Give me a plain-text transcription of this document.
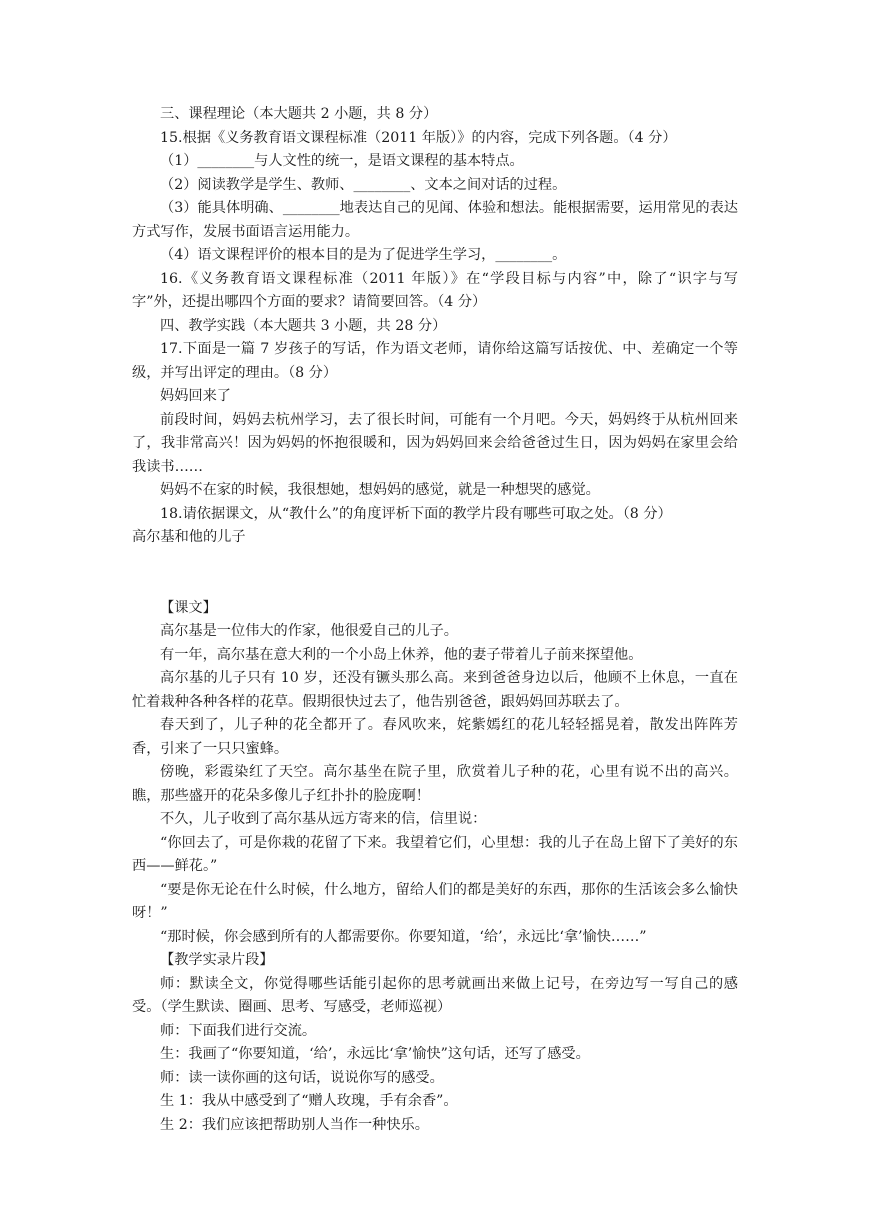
三、课程理论（本大题共 2 小题，共 8 分）

15.根据《义务教育语文课程标准（2011 年版）》的内容，完成下列各题。（4 分）

（1）________与人文性的统一，是语文课程的基本特点。

（2）阅读教学是学生、教师、________、文本之间对话的过程。

（3）能具体明确、________地表达自己的见闻、体验和想法。能根据需要，运用常见的表达方式写作，发展书面语言运用能力。

（4）语文课程评价的根本目的是为了促进学生学习，________。

16.《义务教育语文课程标准（2011 年版）》在“学段目标与内容”中，除了“识字与写字”外，还提出哪四个方面的要求？请简要回答。（4 分）

四、教学实践（本大题共 3 小题，共 28 分）

17.下面是一篇 7 岁孩子的写话，作为语文老师，请你给这篇写话按优、中、差确定一个等级，并写出评定的理由。（8 分）

妈妈回来了

前段时间，妈妈去杭州学习，去了很长时间，可能有一个月吧。今天，妈妈终于从杭州回来了，我非常高兴！因为妈妈的怀抱很暖和，因为妈妈回来会给爸爸过生日，因为妈妈在家里会给我读书……

妈妈不在家的时候，我很想她，想妈妈的感觉，就是一种想哭的感觉。

18.请依据课文，从“教什么”的角度评析下面的教学片段有哪些可取之处。（8 分）

高尔基和他的儿子

【课文】

高尔基是一位伟大的作家，他很爱自己的儿子。

有一年，高尔基在意大利的一个小岛上休养，他的妻子带着儿子前来探望他。

高尔基的儿子只有 10 岁，还没有镢头那么高。来到爸爸身边以后，他顾不上休息，一直在忙着栽种各种各样的花草。假期很快过去了，他告别爸爸，跟妈妈回苏联去了。

春天到了，儿子种的花全都开了。春风吹来，姹紫嫣红的花儿轻轻摇晃着，散发出阵阵芳香，引来了一只只蜜蜂。

傍晚，彩霞染红了天空。高尔基坐在院子里，欣赏着儿子种的花，心里有说不出的高兴。瞧，那些盛开的花朵多像儿子红扑扑的脸庞啊！

不久，儿子收到了高尔基从远方寄来的信，信里说：

“你回去了，可是你栽的花留了下来。我望着它们，心里想：我的儿子在岛上留下了美好的东西——鲜花。”

“要是你无论在什么时候，什么地方，留给人们的都是美好的东西，那你的生活该会多么愉快呀！”

“那时候，你会感到所有的人都需要你。你要知道，‘给’，永远比‘拿’愉快……”

【教学实录片段】

师：默读全文，你觉得哪些话能引起你的思考就画出来做上记号，在旁边写一写自己的感受。（学生默读、圈画、思考、写感受，老师巡视）

师：下面我们进行交流。

生：我画了“你要知道，‘给’，永远比‘拿’愉快”这句话，还写了感受。

师：读一读你画的这句话，说说你写的感受。

生 1：我从中感受到了“赠人玫瑰，手有余香”。

生 2：我们应该把帮助别人当作一种快乐。
